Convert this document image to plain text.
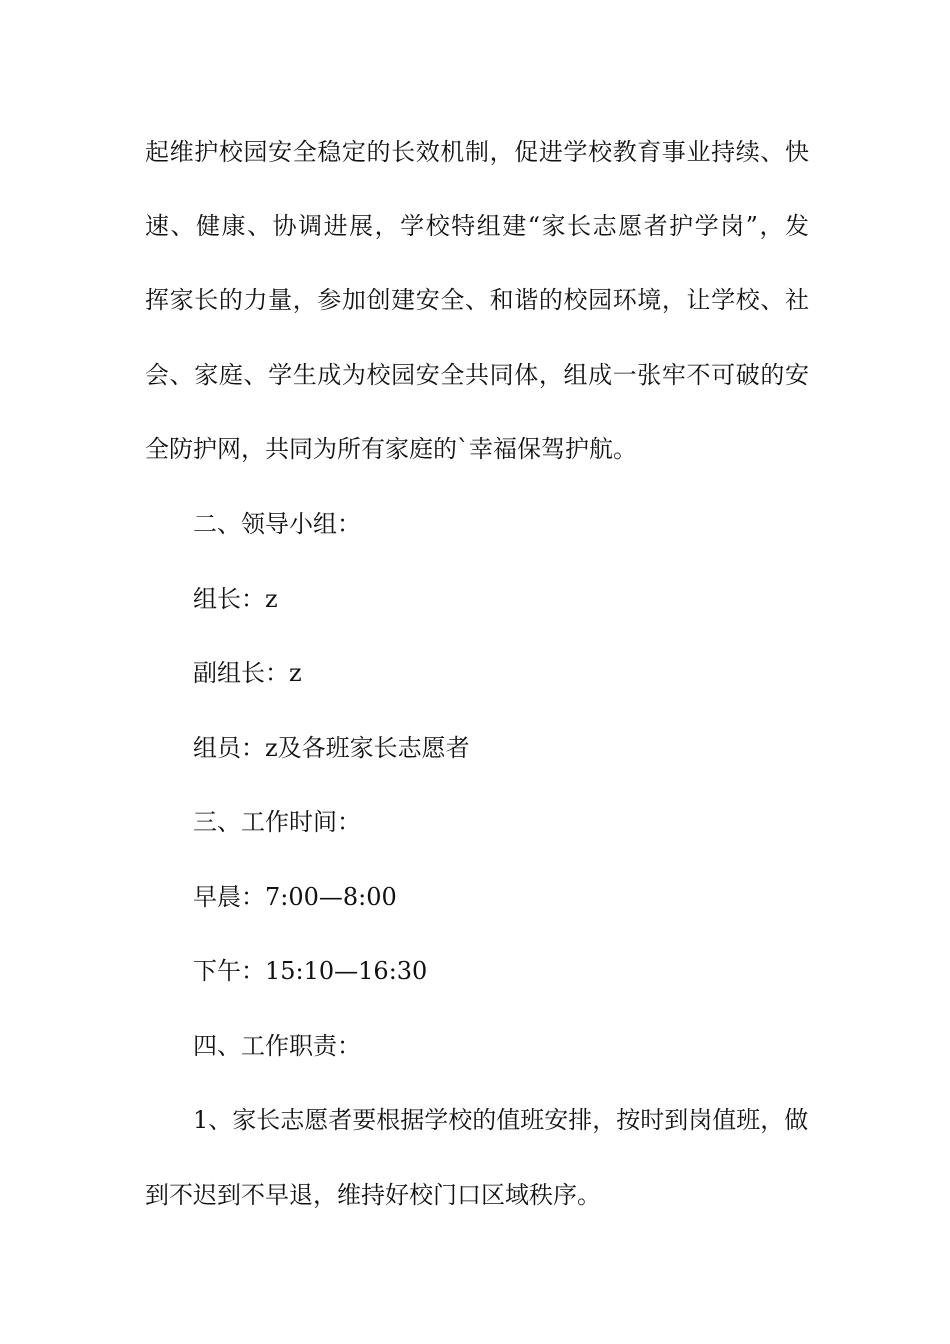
起维护校园安全稳定的长效机制，促进学校教育事业持续、快
速、健康、协调进展，学校特组建“家长志愿者护学岗”，发
挥家长的力量，参加创建安全、和谐的校园环境，让学校、社
会、家庭、学生成为校园安全共同体，组成一张牢不可破的安
全防护网，共同为所有家庭的`幸福保驾护航。
二、领导小组：
组长：z
副组长：z
组员：z及各班家长志愿者
三、工作时间：
早晨：7:00—8:00
下午：15:10—16:30
四、工作职责：
1、家长志愿者要根据学校的值班安排，按时到岗值班，做
到不迟到不早退，维持好校门口区域秩序。
